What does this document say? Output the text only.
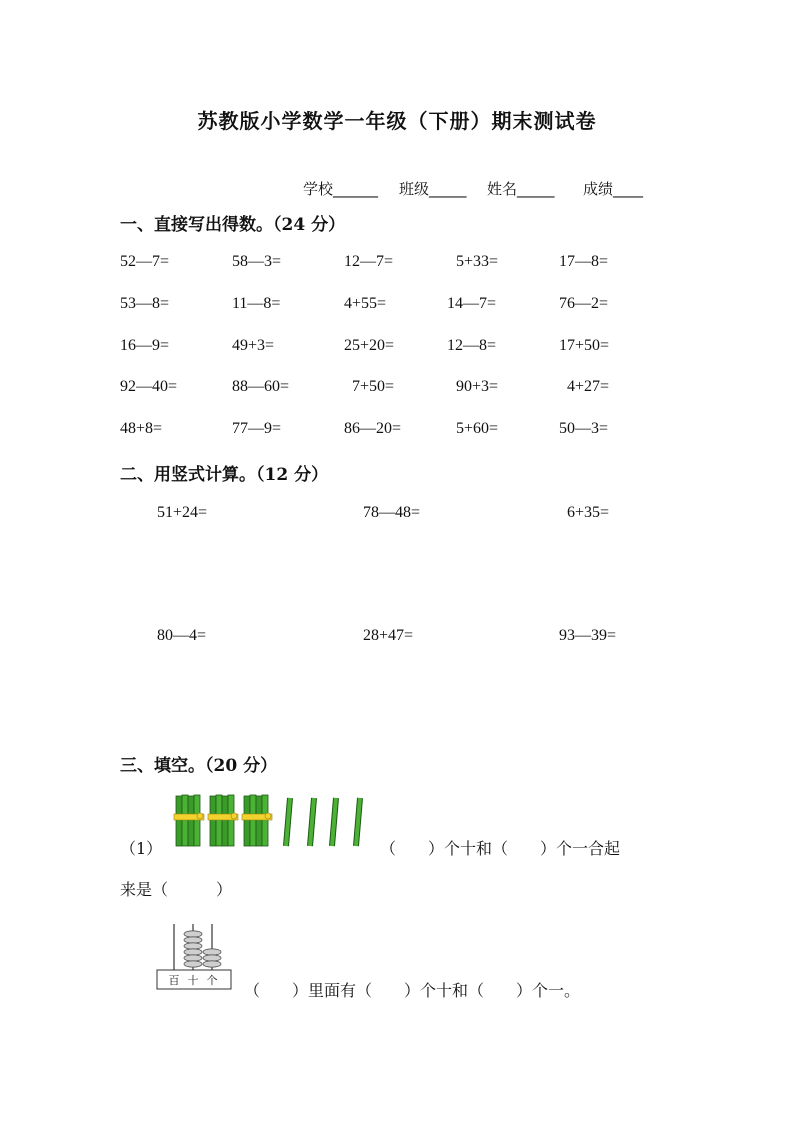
苏教版小学数学一年级（下册）期末测试卷
学校______ 班级_____ 姓名_____ 成绩____
一、直接写出得数。（24 分）
52—7=	58—3=	12—7=	5+33=	17—8=
53—8=	11—8=	4+55=	14—7=	76—2=
16—9=	49+3=	25+20=	12—8=	17+50=
92—40=	88—60=	7+50=	90+3=	4+27=
48+8=	77—9=	86—20=	5+60=	50—3=
二、用竖式计算。（12 分）
51+24=	78—48=	6+35=
80—4=	28+47=	93—39=
三、填空。（20 分）
（1）	（　　）个十和（　　）个一合起
来是（　　　）
百 十 个
（　　）里面有（　　）个十和（　　）个一。
